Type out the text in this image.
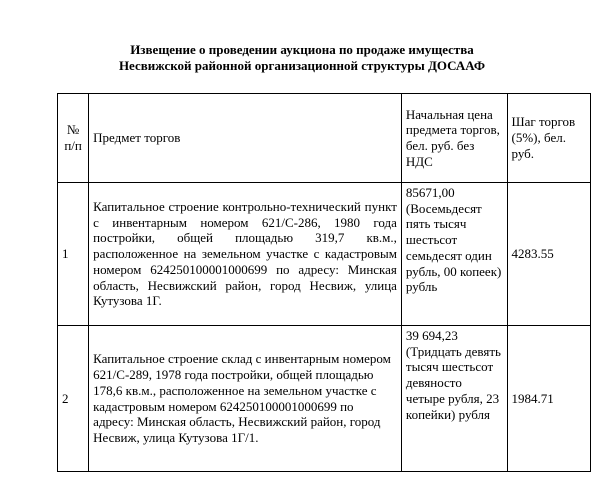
Извещение о проведении аукциона по продаже имущества
Несвижской районной организационной структуры ДОСААФ
№ п/п	Предмет торгов	Начальная цена предмета торгов, бел. руб. без НДС	Шаг торгов (5%), бел. руб.
1	Капитальное строение контрольно-технический пункт с инвентарным номером 621/С-286, 1980 года постройки, общей площадью 319,7 кв.м., расположенное на земельном участке с кадастровым номером 624250100001000699 по адресу: Минская область, Несвижский район, город Несвиж, улица Кутузова 1Г.	85671,00 (Восемьдесят пять тысяч шестьсот семьдесят один рубль, 00 копеек) рубль	4283.55
2	Капитальное строение склад с инвентарным номером 621/С-289, 1978 года постройки, общей площадью 178,6 кв.м., расположенное на земельном участке с кадастровым номером 624250100001000699 по адресу: Минская область, Несвижский район, город Несвиж, улица Кутузова 1Г/1.	39 694,23 (Тридцать девять тысяч шестьсот девяносто четыре рубля, 23 копейки) рубля	1984.71
